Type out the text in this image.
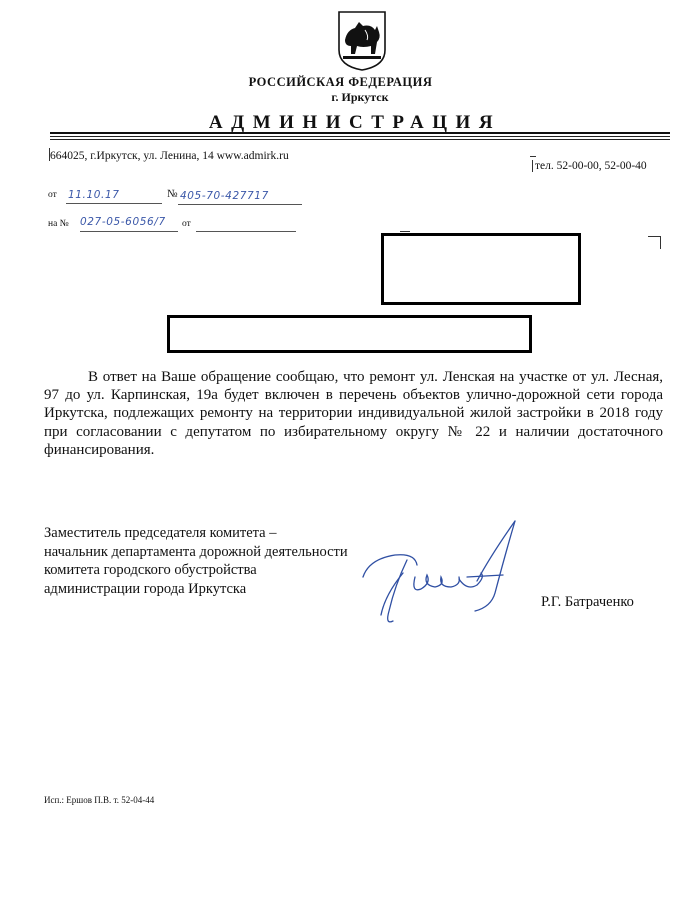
РОССИЙСКАЯ ФЕДЕРАЦИЯ
г. Иркутск
АДМИНИСТРАЦИЯ
664025, г.Иркутск, ул. Ленина, 14 www.admirk.ru
тел. 52-00-00, 52-00-40
от 11.10.17	№ 405-70-427717
на № 027-05-6056/7	от
В ответ на Ваше обращение сообщаю, что ремонт ул. Ленская на участке от ул. Лесная, 97 до ул. Карпинская, 19а будет включен в перечень объектов улично-дорожной сети города Иркутска, подлежащих ремонту на территории индивидуальной жилой застройки в 2018 году при согласовании с депутатом по избирательному округу № 22 и наличии достаточного финансирования.
Заместитель председателя комитета –
начальник департамента дорожной деятельности
комитета городского обустройства
администрации города Иркутска
Р.Г. Батраченко
Исп.: Ершов П.В. т. 52-04-44
